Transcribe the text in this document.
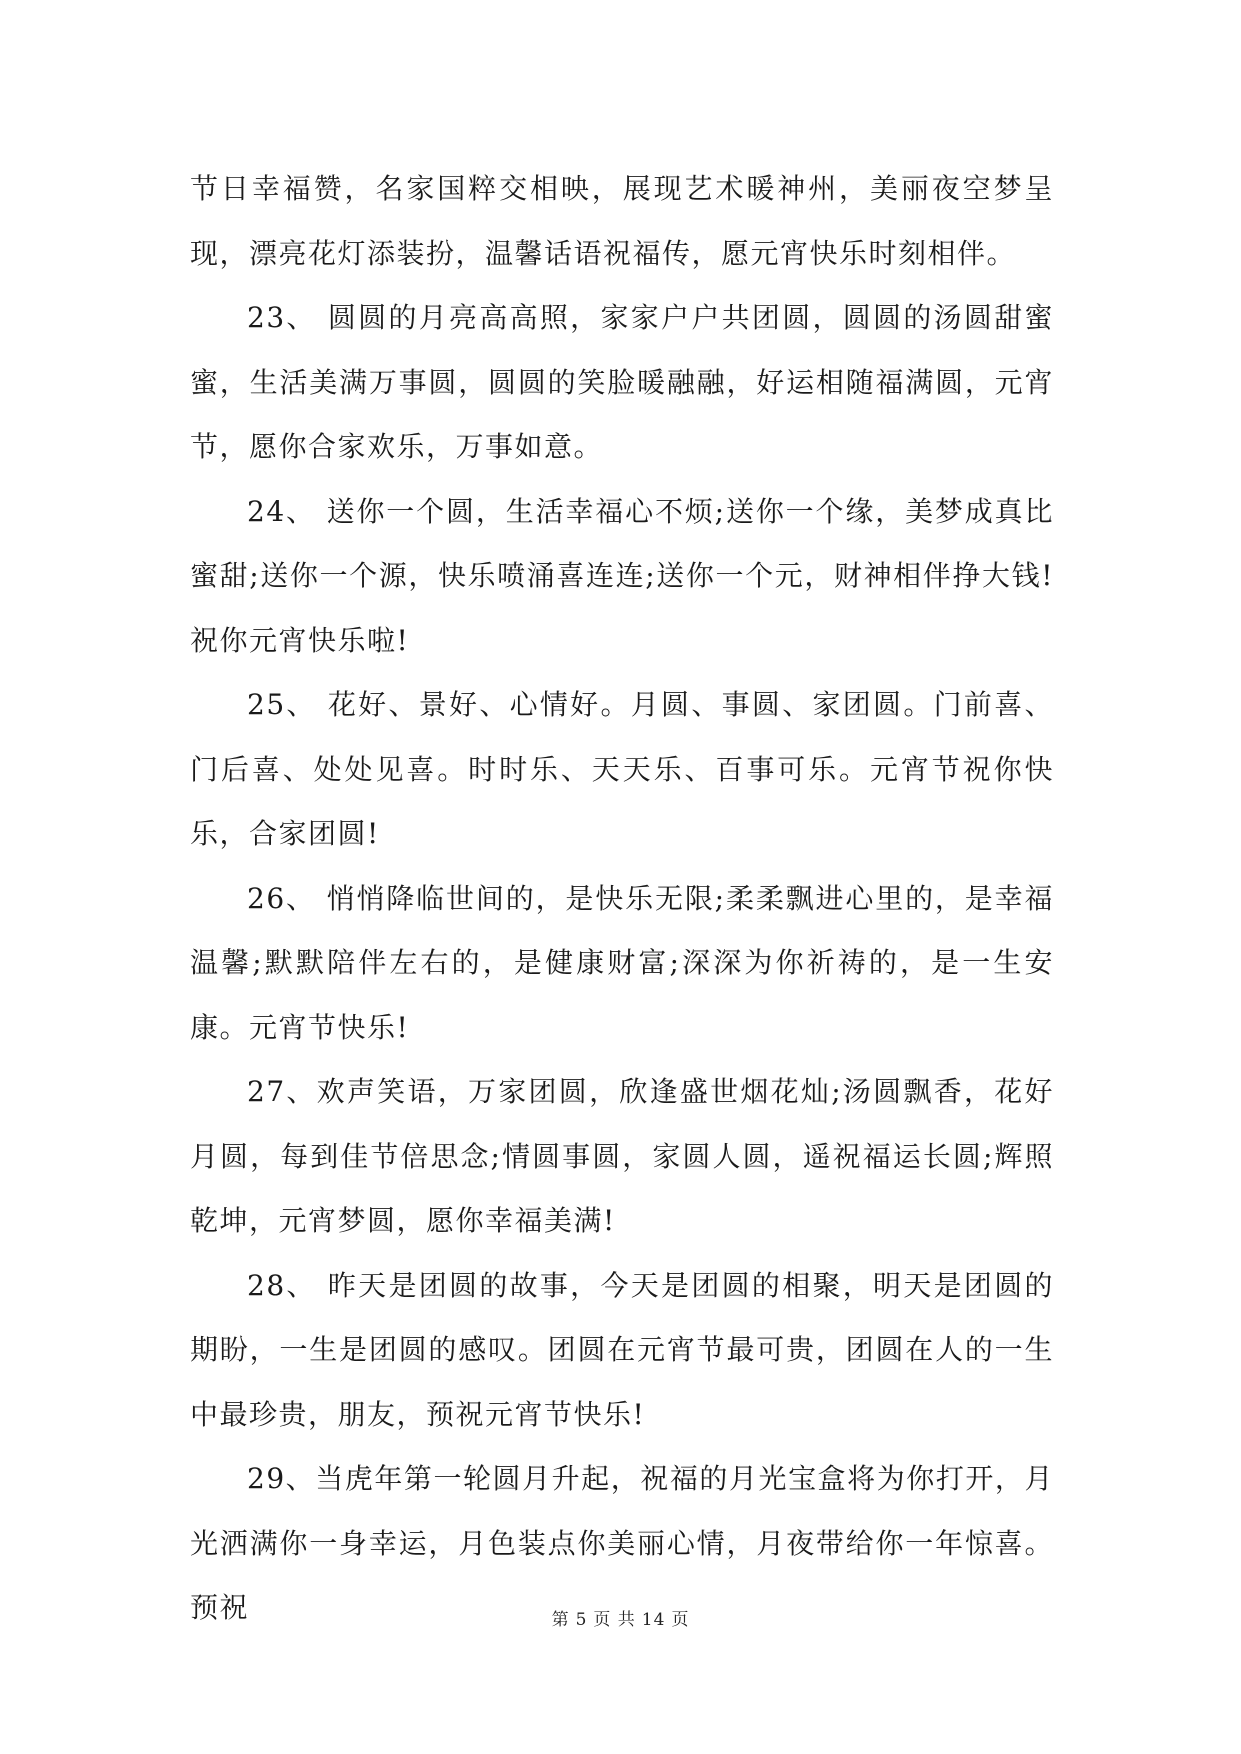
节日幸福赞，名家国粹交相映，展现艺术暖神州，美丽夜空梦呈现，漂亮花灯添装扮，温馨话语祝福传，愿元宵快乐时刻相伴。

23、 圆圆的月亮高高照，家家户户共团圆，圆圆的汤圆甜蜜蜜，生活美满万事圆，圆圆的笑脸暖融融，好运相随福满圆，元宵节，愿你合家欢乐，万事如意。

24、 送你一个圆，生活幸福心不烦;送你一个缘，美梦成真比蜜甜;送你一个源，快乐喷涌喜连连;送你一个元，财神相伴挣大钱!祝你元宵快乐啦!

25、 花好、景好、心情好。月圆、事圆、家团圆。门前喜、门后喜、处处见喜。时时乐、天天乐、百事可乐。元宵节祝你快乐，合家团圆!

26、 悄悄降临世间的，是快乐无限;柔柔飘进心里的，是幸福温馨;默默陪伴左右的，是健康财富;深深为你祈祷的，是一生安康。元宵节快乐!

27、欢声笑语，万家团圆，欣逢盛世烟花灿;汤圆飘香，花好月圆，每到佳节倍思念;情圆事圆，家圆人圆，遥祝福运长圆;辉照乾坤，元宵梦圆，愿你幸福美满!

28、 昨天是团圆的故事，今天是团圆的相聚，明天是团圆的期盼，一生是团圆的感叹。团圆在元宵节最可贵，团圆在人的一生中最珍贵，朋友，预祝元宵节快乐!

29、当虎年第一轮圆月升起，祝福的月光宝盒将为你打开，月光洒满你一身幸运，月色装点你美丽心情，月夜带给你一年惊喜。预祝	第 5 页 共 14 页
